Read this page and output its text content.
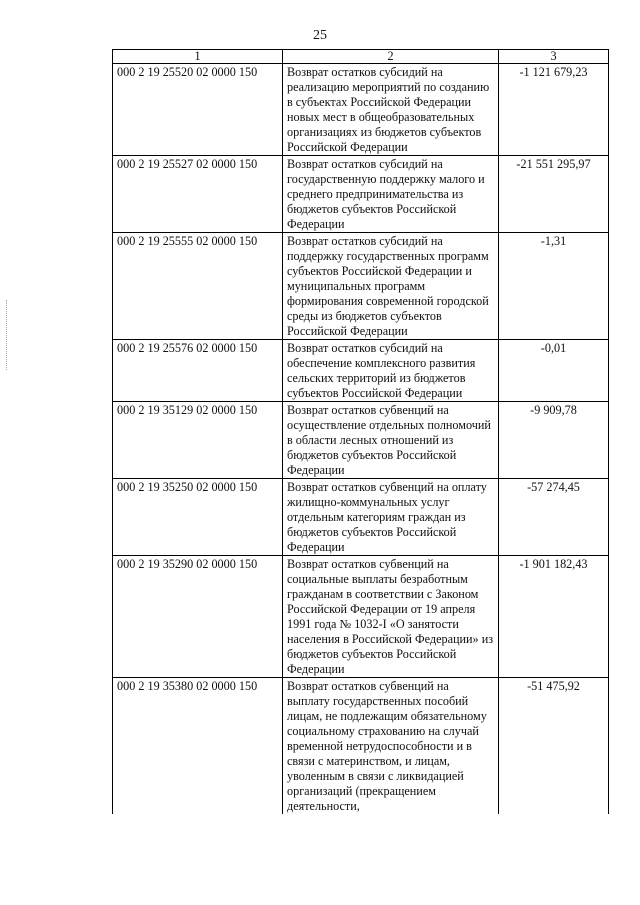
25
1	2	3
000 2 19 25520 02 0000 150	Возврат остатков субсидий на реализацию мероприятий по созданию в субъектах Российской Федерации новых мест в общеобразовательных организациях из бюджетов субъектов Российской Федерации	-1 121 679,23
000 2 19 25527 02 0000 150	Возврат остатков субсидий на государственную поддержку малого и среднего предпринимательства из бюджетов субъектов Российской Федерации	-21 551 295,97
000 2 19 25555 02 0000 150	Возврат остатков субсидий на поддержку государственных программ субъектов Российской Федерации и муниципальных программ формирования современной городской среды из бюджетов субъектов Российской Федерации	-1,31
000 2 19 25576 02 0000 150	Возврат остатков субсидий на обеспечение комплексного развития сельских территорий из бюджетов субъектов Российской Федерации	-0,01
000 2 19 35129 02 0000 150	Возврат остатков субвенций на осуществление отдельных полномочий в области лесных отношений из бюджетов субъектов Российской Федерации	-9 909,78
000 2 19 35250 02 0000 150	Возврат остатков субвенций на оплату жилищно-коммунальных услуг отдельным категориям граждан из бюджетов субъектов Российской Федерации	-57 274,45
000 2 19 35290 02 0000 150	Возврат остатков субвенций на социальные выплаты безработным гражданам в соответствии с Законом Российской Федерации от 19 апреля 1991 года № 1032-I «О занятости населения в Российской Федерации» из бюджетов субъектов Российской Федерации	-1 901 182,43
000 2 19 35380 02 0000 150	Возврат остатков субвенций на выплату государственных пособий лицам, не подлежащим обязательному социальному страхованию на случай временной нетрудоспособности и в связи с материнством, и лицам, уволенным в связи с ликвидацией организаций (прекращением деятельности,	-51 475,92
